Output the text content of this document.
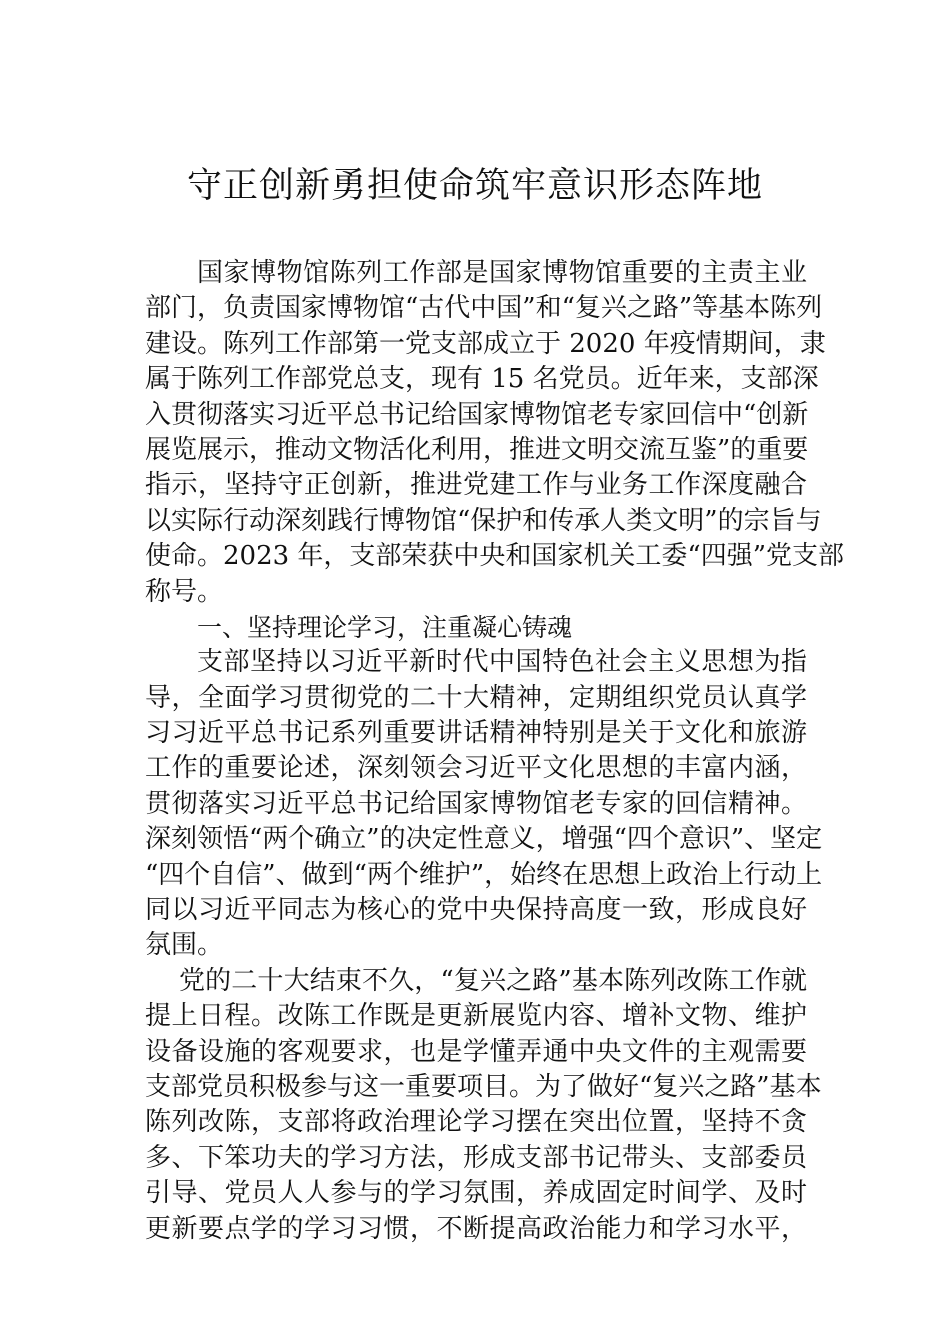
守正创新勇担使命筑牢意识形态阵地
国家博物馆陈列工作部是国家博物馆重要的主责主业
部门，负责国家博物馆“古代中国”和“复兴之路”等基本陈列
建设。陈列工作部第一党支部成立于 2020 年疫情期间，隶
属于陈列工作部党总支，现有 15 名党员。近年来，支部深
入贯彻落实习近平总书记给国家博物馆老专家回信中“创新
展览展示，推动文物活化利用，推进文明交流互鉴”的重要
指示，坚持守正创新，推进党建工作与业务工作深度融合
以实际行动深刻践行博物馆“保护和传承人类文明”的宗旨与
使命。2023 年，支部荣获中央和国家机关工委“四强”党支部
称号。
一、坚持理论学习，注重凝心铸魂
支部坚持以习近平新时代中国特色社会主义思想为指
导，全面学习贯彻党的二十大精神，定期组织党员认真学
习习近平总书记系列重要讲话精神特别是关于文化和旅游
工作的重要论述，深刻领会习近平文化思想的丰富内涵，
贯彻落实习近平总书记给国家博物馆老专家的回信精神。
深刻领悟“两个确立”的决定性意义，增强“四个意识”、坚定
“四个自信”、做到“两个维护”，始终在思想上政治上行动上
同以习近平同志为核心的党中央保持高度一致，形成良好
氛围。
党的二十大结束不久，“复兴之路”基本陈列改陈工作就
提上日程。改陈工作既是更新展览内容、增补文物、维护
设备设施的客观要求，也是学懂弄通中央文件的主观需要
支部党员积极参与这一重要项目。为了做好“复兴之路”基本
陈列改陈，支部将政治理论学习摆在突出位置，坚持不贪
多、下笨功夫的学习方法，形成支部书记带头、支部委员
引导、党员人人参与的学习氛围，养成固定时间学、及时
更新要点学的学习习惯，不断提高政治能力和学习水平，
